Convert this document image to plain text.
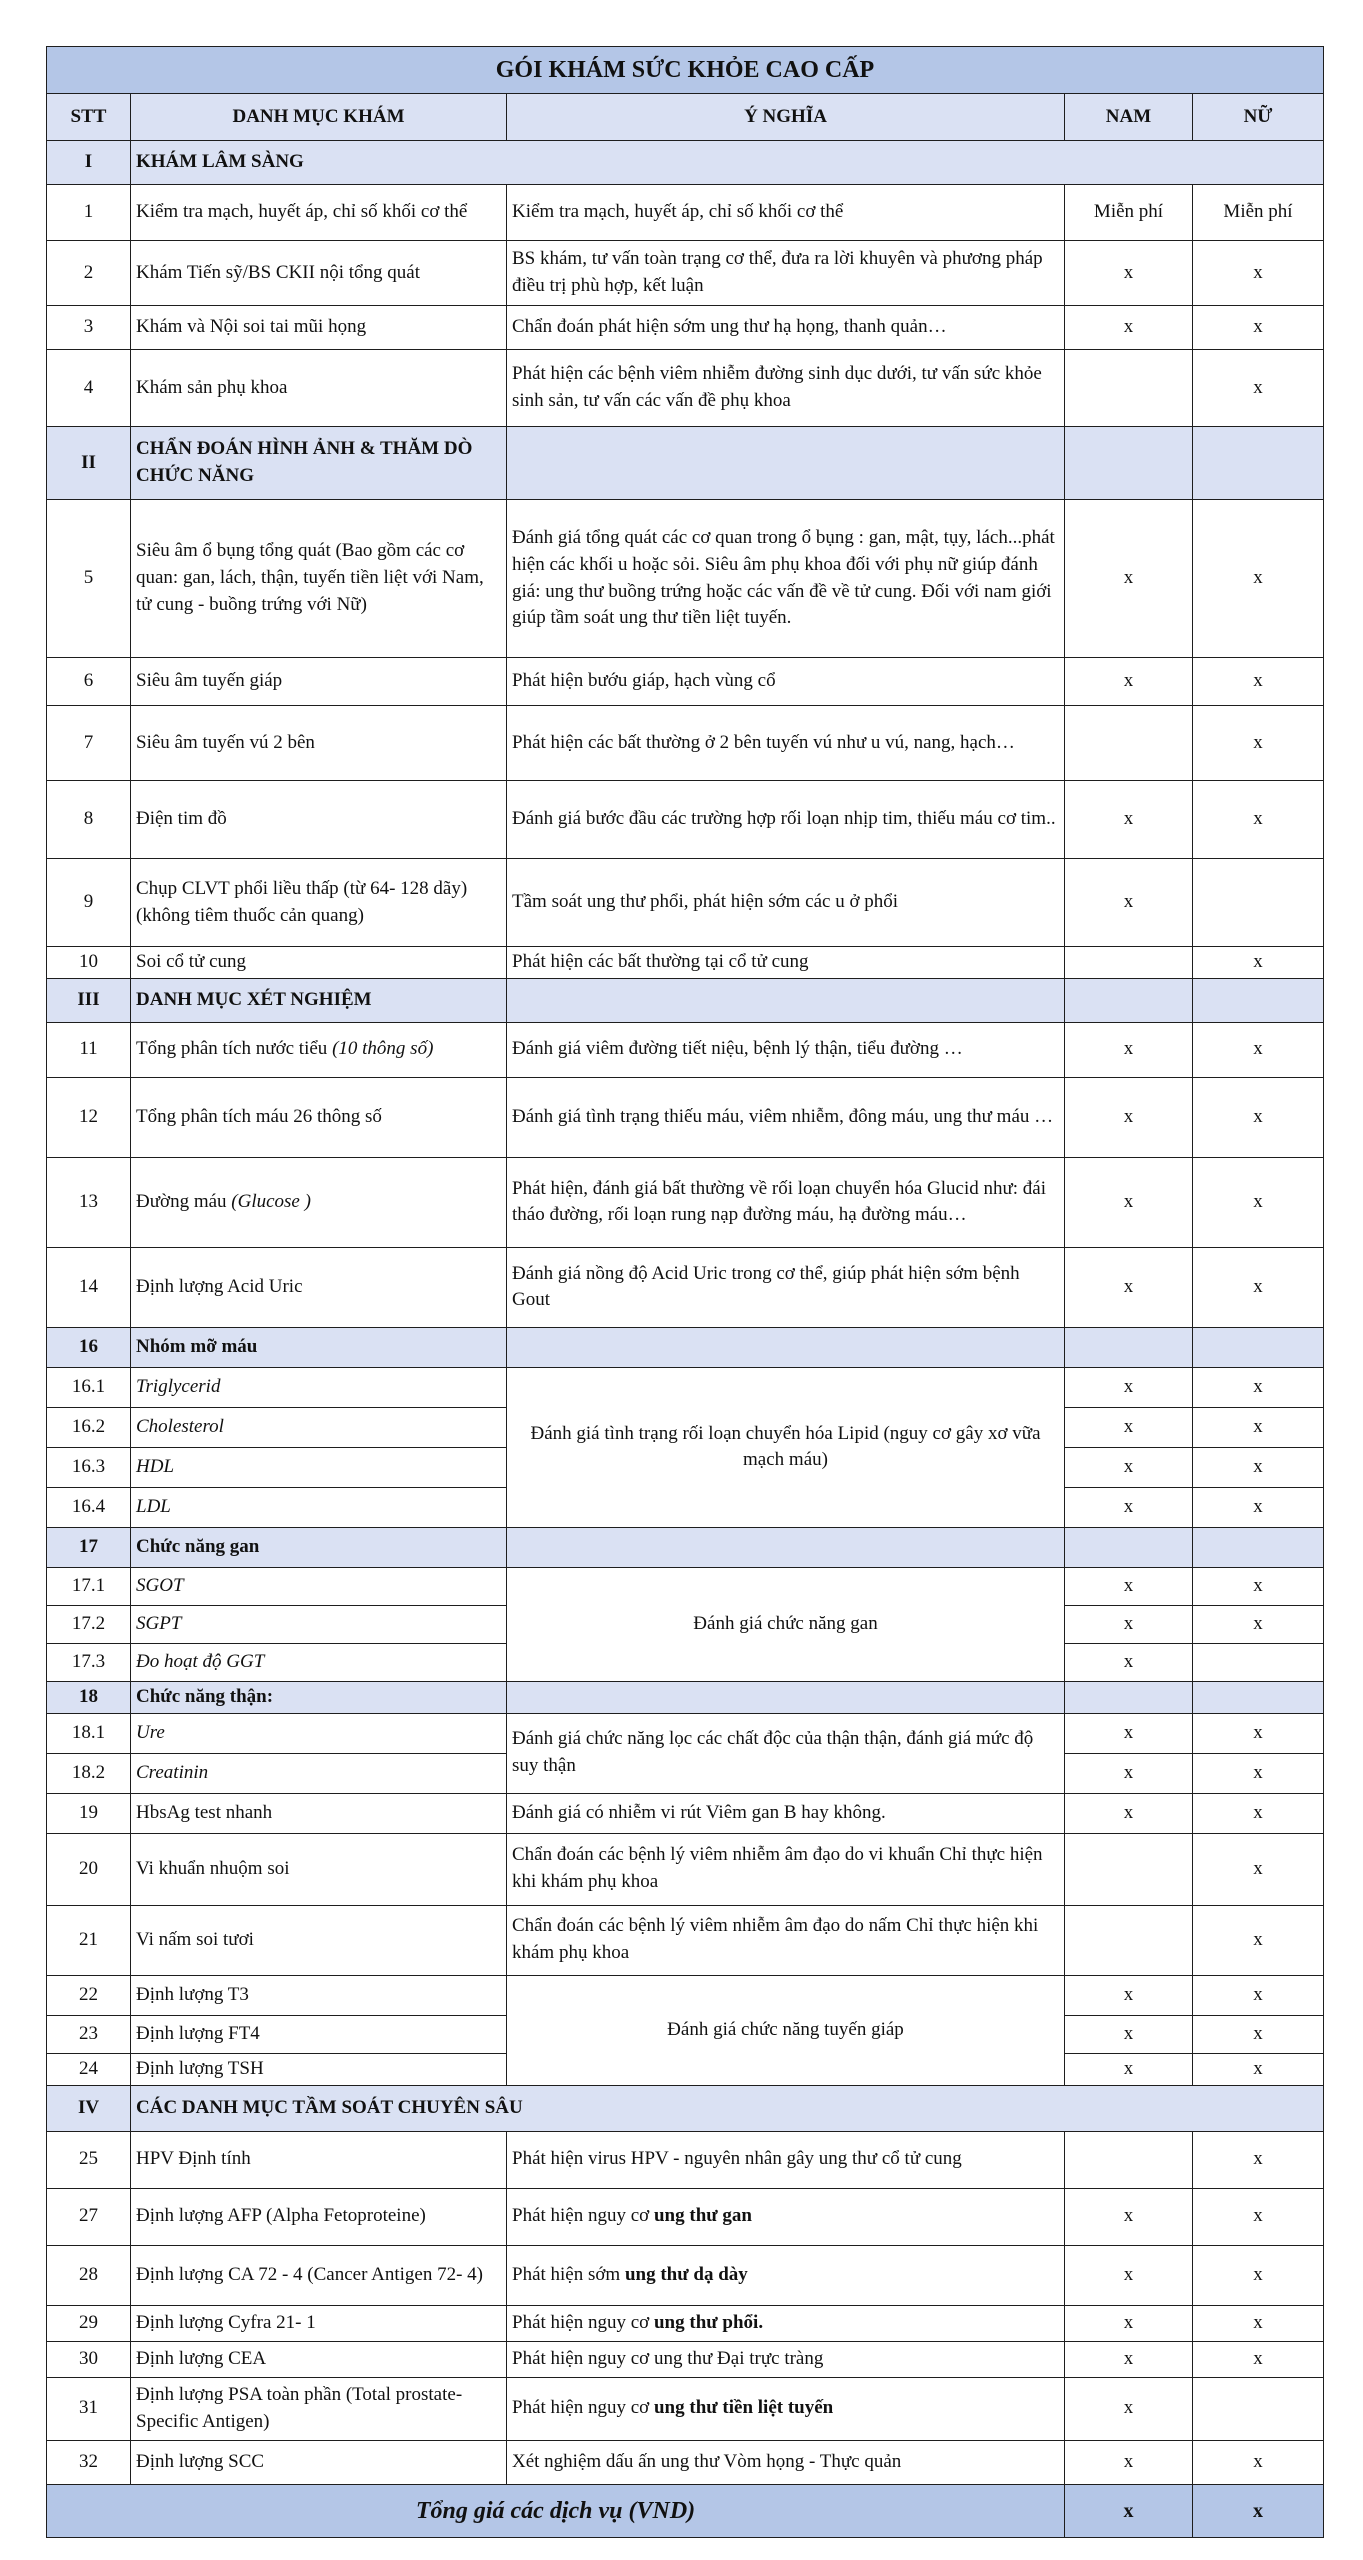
GÓI KHÁM SỨC KHỎE CAO CẤP				
STT	DANH MỤC KHÁM	Ý NGHĨA	NAM	NỮ
I	KHÁM LÂM SÀNG			
1	Kiểm tra mạch, huyết áp, chỉ số khối cơ thể	Kiểm tra mạch, huyết áp, chỉ số khối cơ thể	Miễn phí	Miễn phí
2	Khám Tiến sỹ/BS CKII nội tổng quát	BS khám, tư vấn toàn trạng cơ thể, đưa ra lời khuyên và phương pháp điều trị phù hợp, kết luận	x	x
3	Khám và Nội soi tai mũi họng	Chẩn đoán phát hiện sớm ung thư hạ họng, thanh quản…	x	x
4	Khám sản phụ khoa	Phát hiện các bệnh viêm nhiễm đường sinh dục dưới, tư vấn sức khỏe sinh sản, tư vấn các vấn đề phụ khoa		x
II	CHẨN ĐOÁN HÌNH ẢNH & THĂM DÒ CHỨC NĂNG			
5	Siêu âm ổ bụng tổng quát (Bao gồm các cơ quan: gan, lách, thận, tuyến tiền liệt với Nam, tử cung - buồng trứng với Nữ)	Đánh giá tổng quát các cơ quan trong ổ bụng : gan, mật, tụy, lách...phát hiện các khối u hoặc sỏi. Siêu âm phụ khoa đối với phụ nữ giúp đánh giá: ung thư buồng trứng hoặc các vấn đề về tử cung. Đối với nam giới giúp tầm soát ung thư tiền liệt tuyến.	x	x
6	Siêu âm tuyến giáp	Phát hiện bướu giáp, hạch vùng cổ	x	x
7	Siêu âm tuyến vú 2 bên	Phát hiện các bất thường ở 2 bên tuyến vú như u vú, nang, hạch…		x
8	Điện tim đồ	Đánh giá bước đầu các trường hợp rối loạn nhịp tim, thiếu máu cơ tim..	x	x
9	Chụp CLVT phổi liều thấp (từ 64- 128 dãy) (không tiêm thuốc cản quang)	Tầm soát ung thư phổi, phát hiện sớm các u ở phổi	x	
10	Soi cổ tử cung	Phát hiện các bất thường tại cổ tử cung		x
III	DANH MỤC XÉT NGHIỆM			
11	Tổng phân tích nước tiểu (10 thông số)	Đánh giá viêm đường tiết niệu, bệnh lý thận, tiểu đường …	x	x
12	Tổng phân tích máu 26 thông số	Đánh giá tình trạng thiếu máu, viêm nhiễm, đông máu, ung thư máu …	x	x
13	Đường máu (Glucose )	Phát hiện, đánh giá bất thường về rối loạn chuyển hóa Glucid như: đái tháo đường, rối loạn rung nạp đường máu, hạ đường máu…	x	x
14	Định lượng Acid Uric	Đánh giá nồng độ Acid Uric trong cơ thể, giúp phát hiện sớm bệnh Gout	x	x
16	Nhóm mỡ máu			
16.1	Triglycerid	Đánh giá tình trạng rối loạn chuyển hóa Lipid (nguy cơ gây xơ vữa mạch máu)	x	x
16.2	Cholesterol		x	x
16.3	HDL		x	x
16.4	LDL		x	x
17	Chức năng gan			
17.1	SGOT	Đánh giá chức năng gan	x	x
17.2	SGPT		x	x
17.3	Đo hoạt độ GGT		x	
18	Chức năng thận:			
18.1	Ure	Đánh giá chức năng lọc các chất độc của thận thận, đánh giá mức độ suy thận	x	x
18.2	Creatinin		x	x
19	HbsAg test nhanh	Đánh giá có nhiễm vi rút Viêm gan B hay không.	x	x
20	Vi khuẩn nhuộm soi	Chẩn đoán các bệnh lý viêm nhiễm âm đạo do vi khuẩn Chỉ thực hiện khi khám phụ khoa		x
21	Vi nấm soi tươi	Chẩn đoán các bệnh lý viêm nhiễm âm đạo do nấm Chỉ thực hiện khi khám phụ khoa		x
22	Định lượng T3	Đánh giá chức năng tuyến giáp	x	x
23	Định lượng FT4		x	x
24	Định lượng TSH		x	x
IV	CÁC DANH MỤC TẦM SOÁT CHUYÊN SÂU			
25	HPV Định tính	Phát hiện virus HPV - nguyên nhân gây ung thư cổ tử cung		x
27	Định lượng AFP (Alpha Fetoproteine)	Phát hiện nguy cơ ung thư gan	x	x
28	Định lượng CA 72 - 4 (Cancer Antigen 72- 4)	Phát hiện sớm ung thư dạ dày	x	x
29	Định lượng Cyfra 21- 1	Phát hiện nguy cơ ung thư phổi.	x	x
30	Định lượng CEA	Phát hiện nguy cơ ung thư Đại trực tràng	x	x
31	Định lượng PSA toàn phần (Total prostate-Specific Antigen)	Phát hiện nguy cơ ung thư tiền liệt tuyến	x	
32	Định lượng SCC	Xét nghiệm dấu ấn ung thư Vòm họng - Thực quản	x	x
Tổng giá các dịch vụ (VND)			x	x
